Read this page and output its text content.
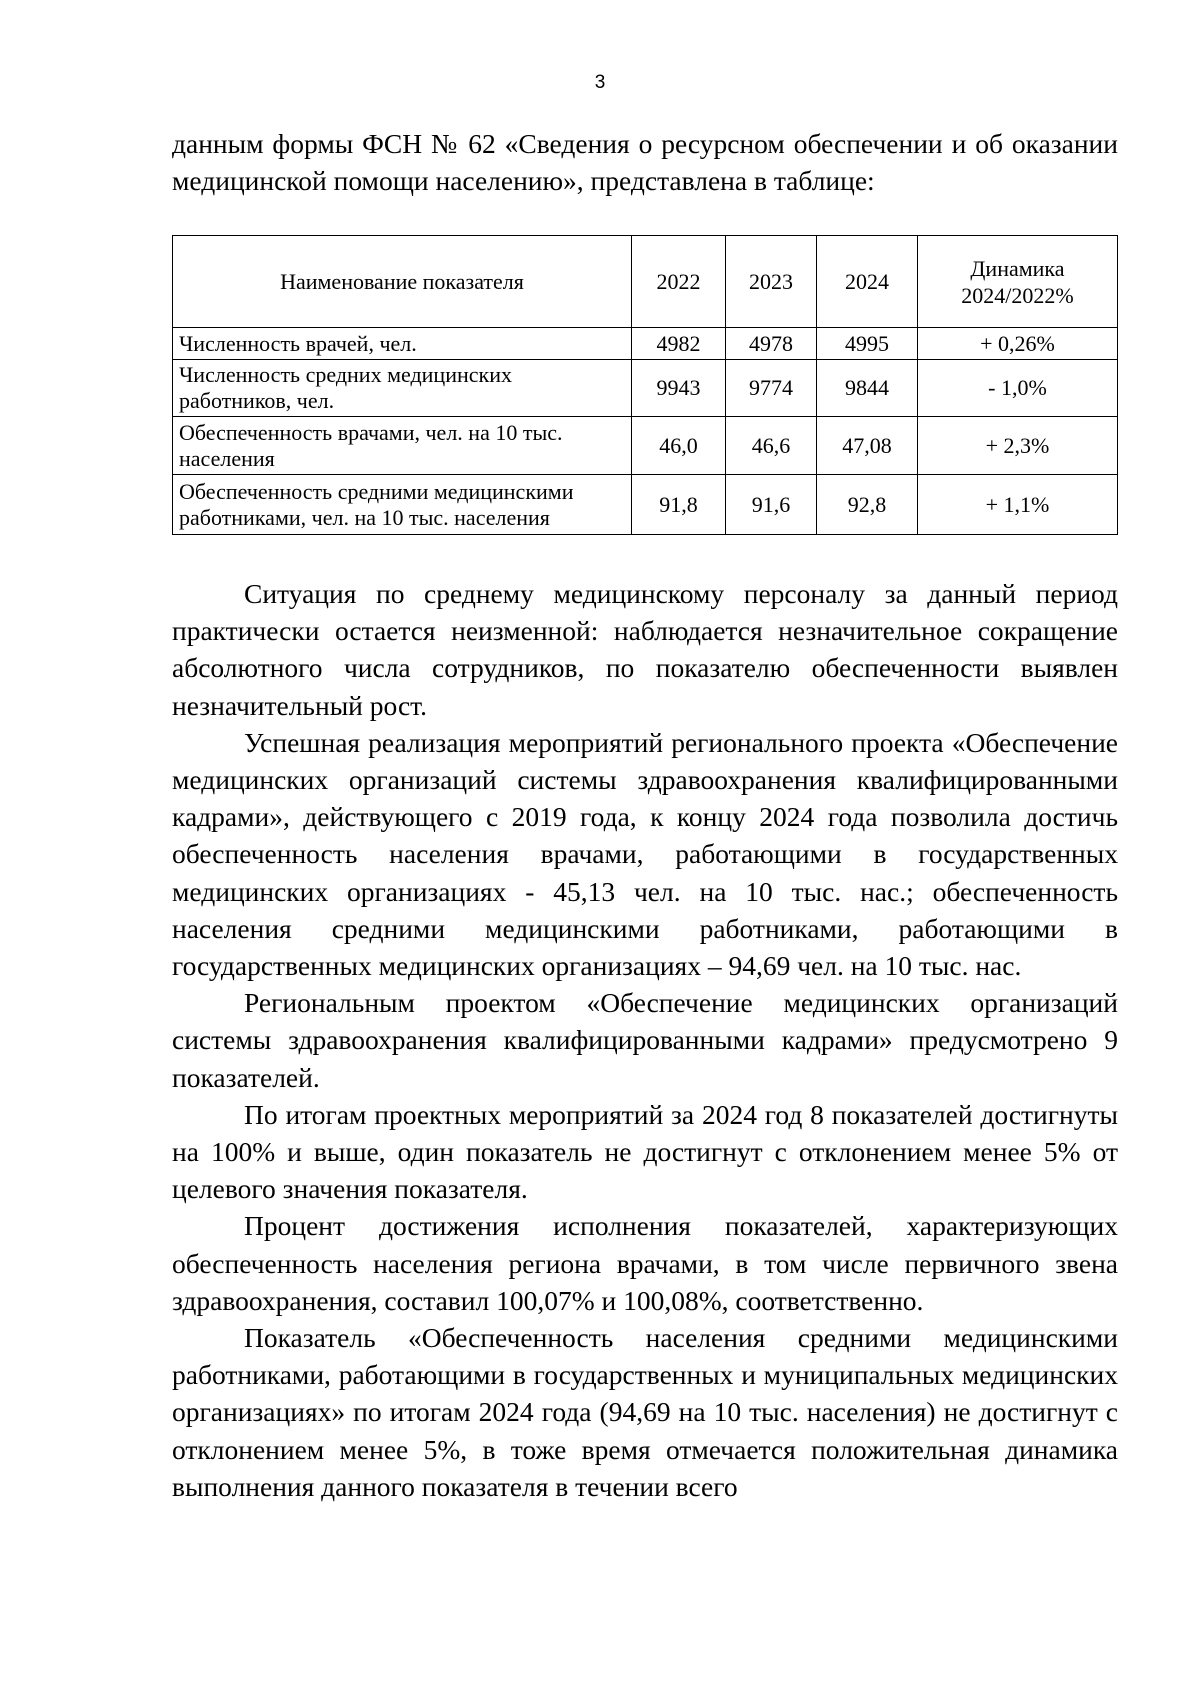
3

данным формы ФСН № 62 «Сведения о ресурсном обеспечении и об оказании медицинской помощи населению», представлена в таблице:

Наименование показателя	2022	2023	2024	Динамика 2024/2022%
Численность врачей, чел.	4982	4978	4995	+ 0,26%
Численность средних медицинских работников, чел.	9943	9774	9844	- 1,0%
Обеспеченность врачами, чел. на 10 тыс. населения	46,0	46,6	47,08	+ 2,3%
Обеспеченность средними медицинскими работниками, чел. на 10 тыс. населения	91,8	91,6	92,8	+ 1,1%

Ситуация по среднему медицинскому персоналу за данный период практически остается неизменной: наблюдается незначительное сокращение абсолютного числа сотрудников, по показателю обеспеченности выявлен незначительный рост.

Успешная реализация мероприятий регионального проекта «Обеспечение медицинских организаций системы здравоохранения квалифицированными кадрами», действующего с 2019 года, к концу 2024 года позволила достичь обеспеченность населения врачами, работающими в государственных медицинских организациях - 45,13 чел. на 10 тыс. нас.; обеспеченность населения средними медицинскими работниками, работающими в государственных медицинских организациях – 94,69 чел. на 10 тыс. нас.

Региональным проектом «Обеспечение медицинских организаций системы здравоохранения квалифицированными кадрами» предусмотрено 9 показателей.

По итогам проектных мероприятий за 2024 год 8 показателей достигнуты на 100% и выше, один показатель не достигнут с отклонением менее 5% от целевого значения показателя.

Процент достижения исполнения показателей, характеризующих обеспеченность населения региона врачами, в том числе первичного звена здравоохранения, составил 100,07% и 100,08%, соответственно.

Показатель «Обеспеченность населения средними медицинскими работниками, работающими в государственных и муниципальных медицинских организациях» по итогам 2024 года (94,69 на 10 тыс. населения) не достигнут с отклонением менее 5%, в тоже время отмечается положительная динамика выполнения данного показателя в течении всего
